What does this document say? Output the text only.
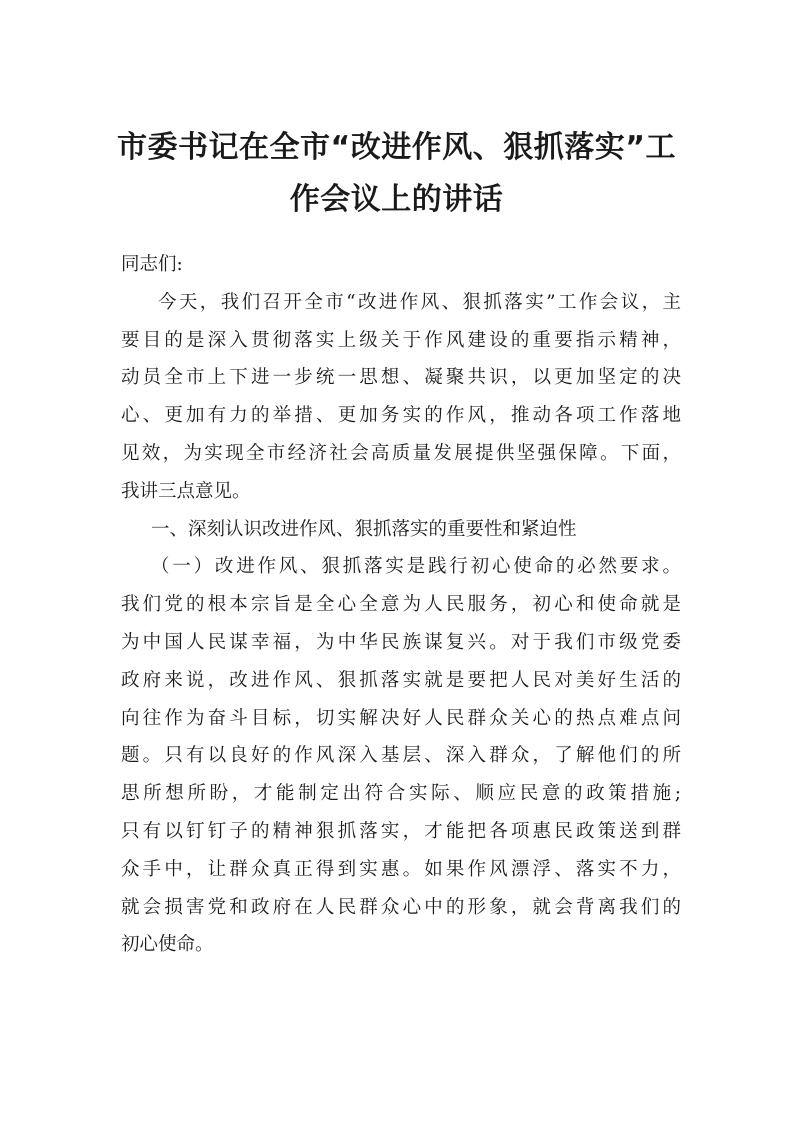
市委书记在全市“改进作风、狠抓落实”工
作会议上的讲话
同志们:
今天，我们召开全市“改进作风、狠抓落实”工作会议，主
要目的是深入贯彻落实上级关于作风建设的重要指示精神，
动员全市上下进一步统一思想、凝聚共识，以更加坚定的决
心、更加有力的举措、更加务实的作风，推动各项工作落地
见效，为实现全市经济社会高质量发展提供坚强保障。下面，
我讲三点意见。
一、深刻认识改进作风、狠抓落实的重要性和紧迫性
（一）改进作风、狠抓落实是践行初心使命的必然要求。
我们党的根本宗旨是全心全意为人民服务，初心和使命就是
为中国人民谋幸福，为中华民族谋复兴。对于我们市级党委
政府来说，改进作风、狠抓落实就是要把人民对美好生活的
向往作为奋斗目标，切实解决好人民群众关心的热点难点问
题。只有以良好的作风深入基层、深入群众，了解他们的所
思所想所盼，才能制定出符合实际、顺应民意的政策措施;
只有以钉钉子的精神狠抓落实，才能把各项惠民政策送到群
众手中，让群众真正得到实惠。如果作风漂浮、落实不力，
就会损害党和政府在人民群众心中的形象，就会背离我们的
初心使命。
